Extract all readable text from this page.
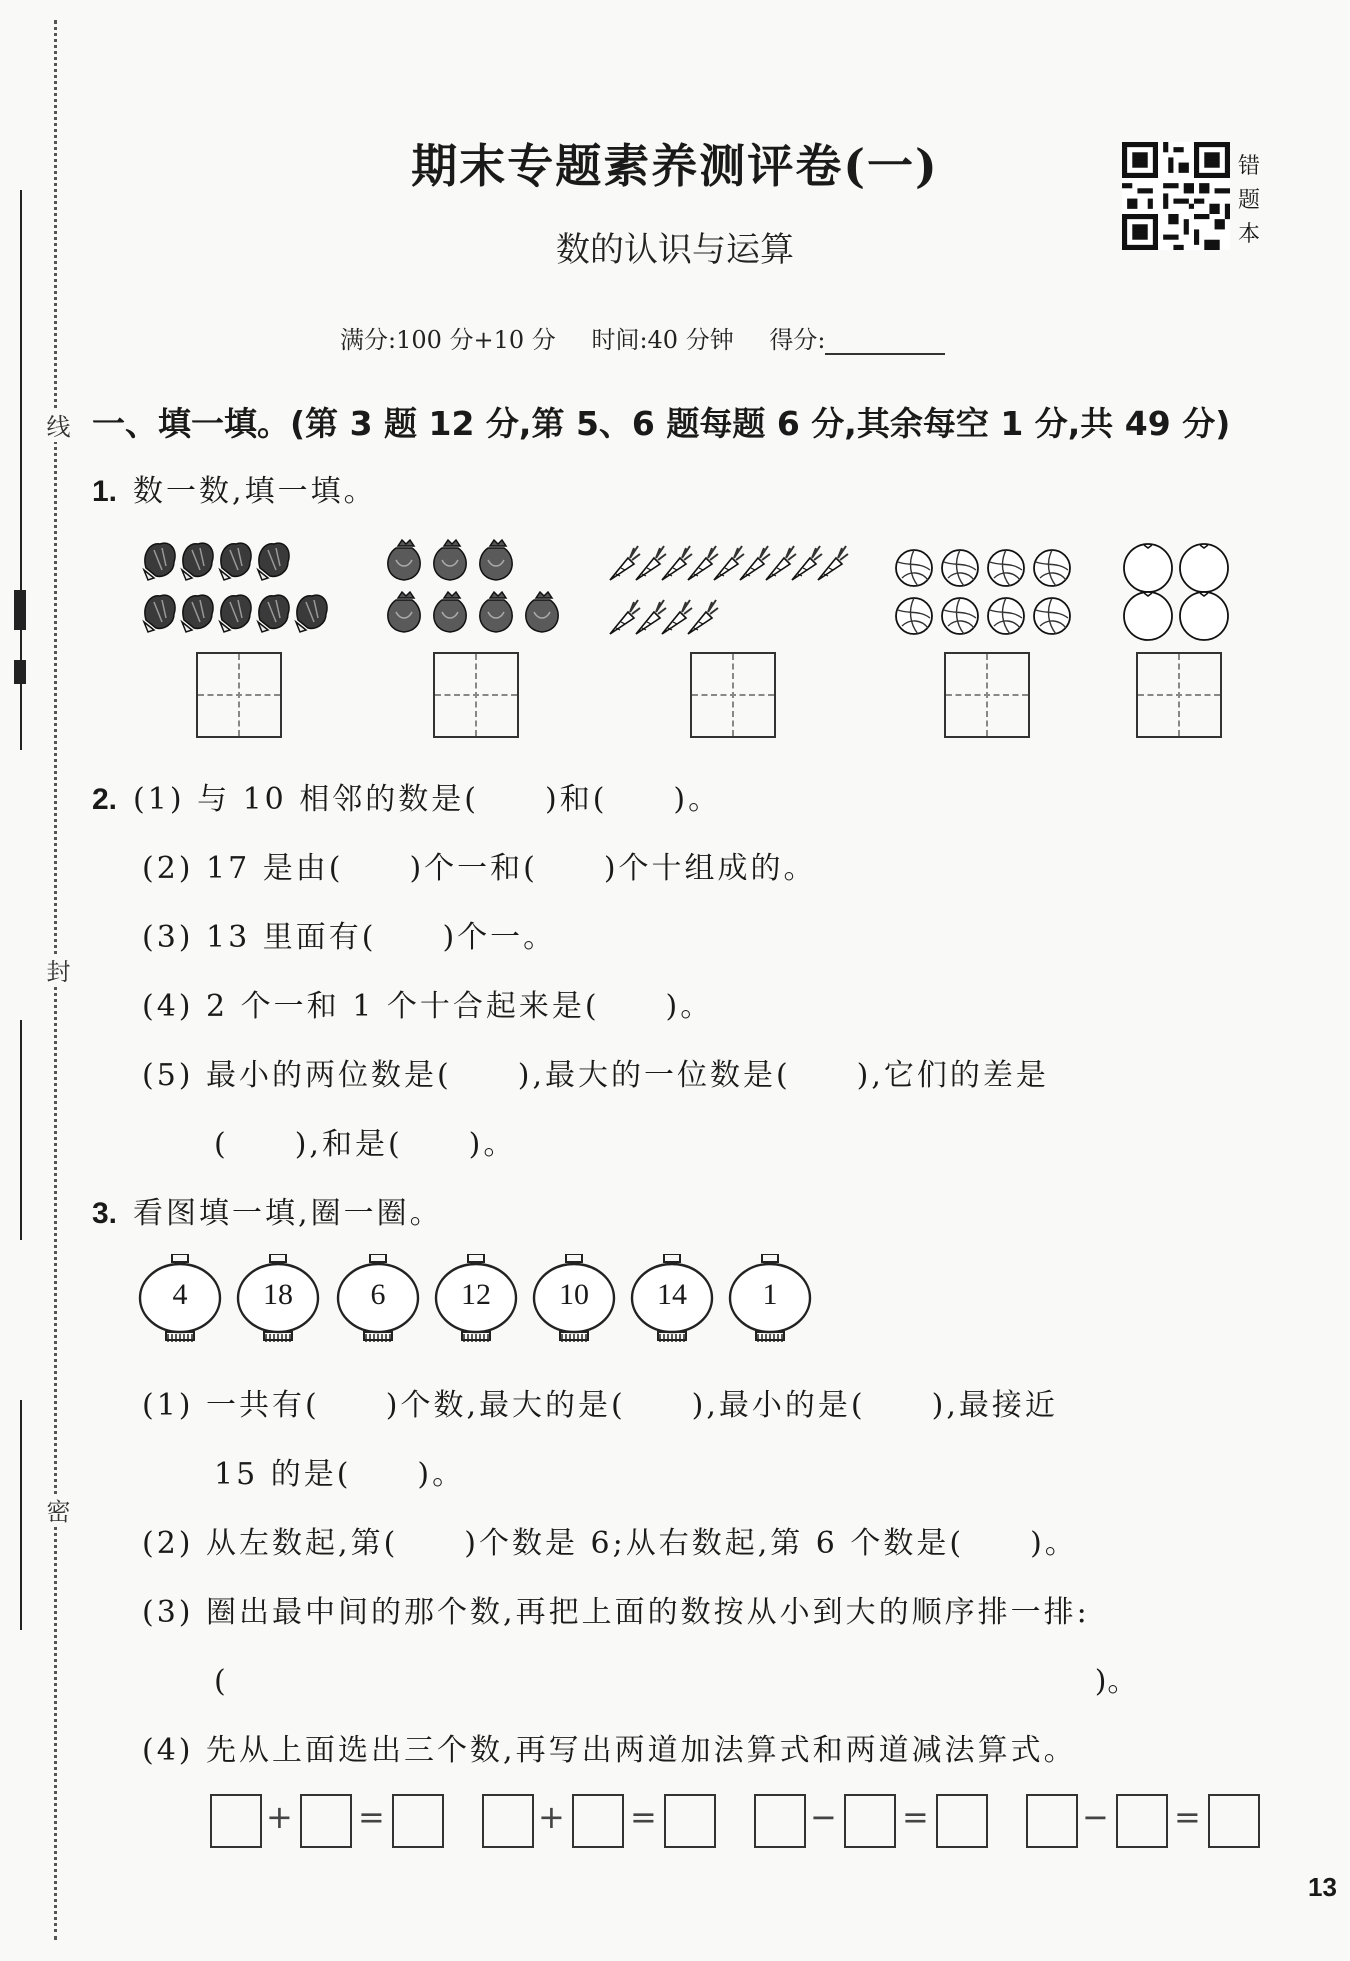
线
封
密
期末专题素养测评卷(一)
数的认识与运算
错
题
本
满分:100 分+10 分 时间:40 分钟 得分:
一、填一填。(第 3 题 12 分,第 5、6 题每题 6 分,其余每空 1 分,共 49 分)
1. 数一数,填一填。
2. (1) 与 10 相邻的数是(　　)和(　　)。
(2) 17 是由(　　)个一和(　　)个十组成的。
(3) 13 里面有(　　)个一。
(4) 2 个一和 1 个十合起来是(　　)。
(5) 最小的两位数是(　　),最大的一位数是(　　),它们的差是
(　　),和是(　　)。
3. 看图填一填,圈一圈。
4	18	6	12	10	14	1
(1) 一共有(　　)个数,最大的是(　　),最小的是(　　),最接近
15 的是(　　)。
(2) 从左数起,第(　　)个数是 6;从右数起,第 6 个数是(　　)。
(3) 圈出最中间的那个数,再把上面的数按从小到大的顺序排一排:
(　　　　　　　　　　　　　　　　　　　　　　　　　　　　)。
(4) 先从上面选出三个数,再写出两道加法算式和两道减法算式。
+ =	+ =	− =	− =
13
